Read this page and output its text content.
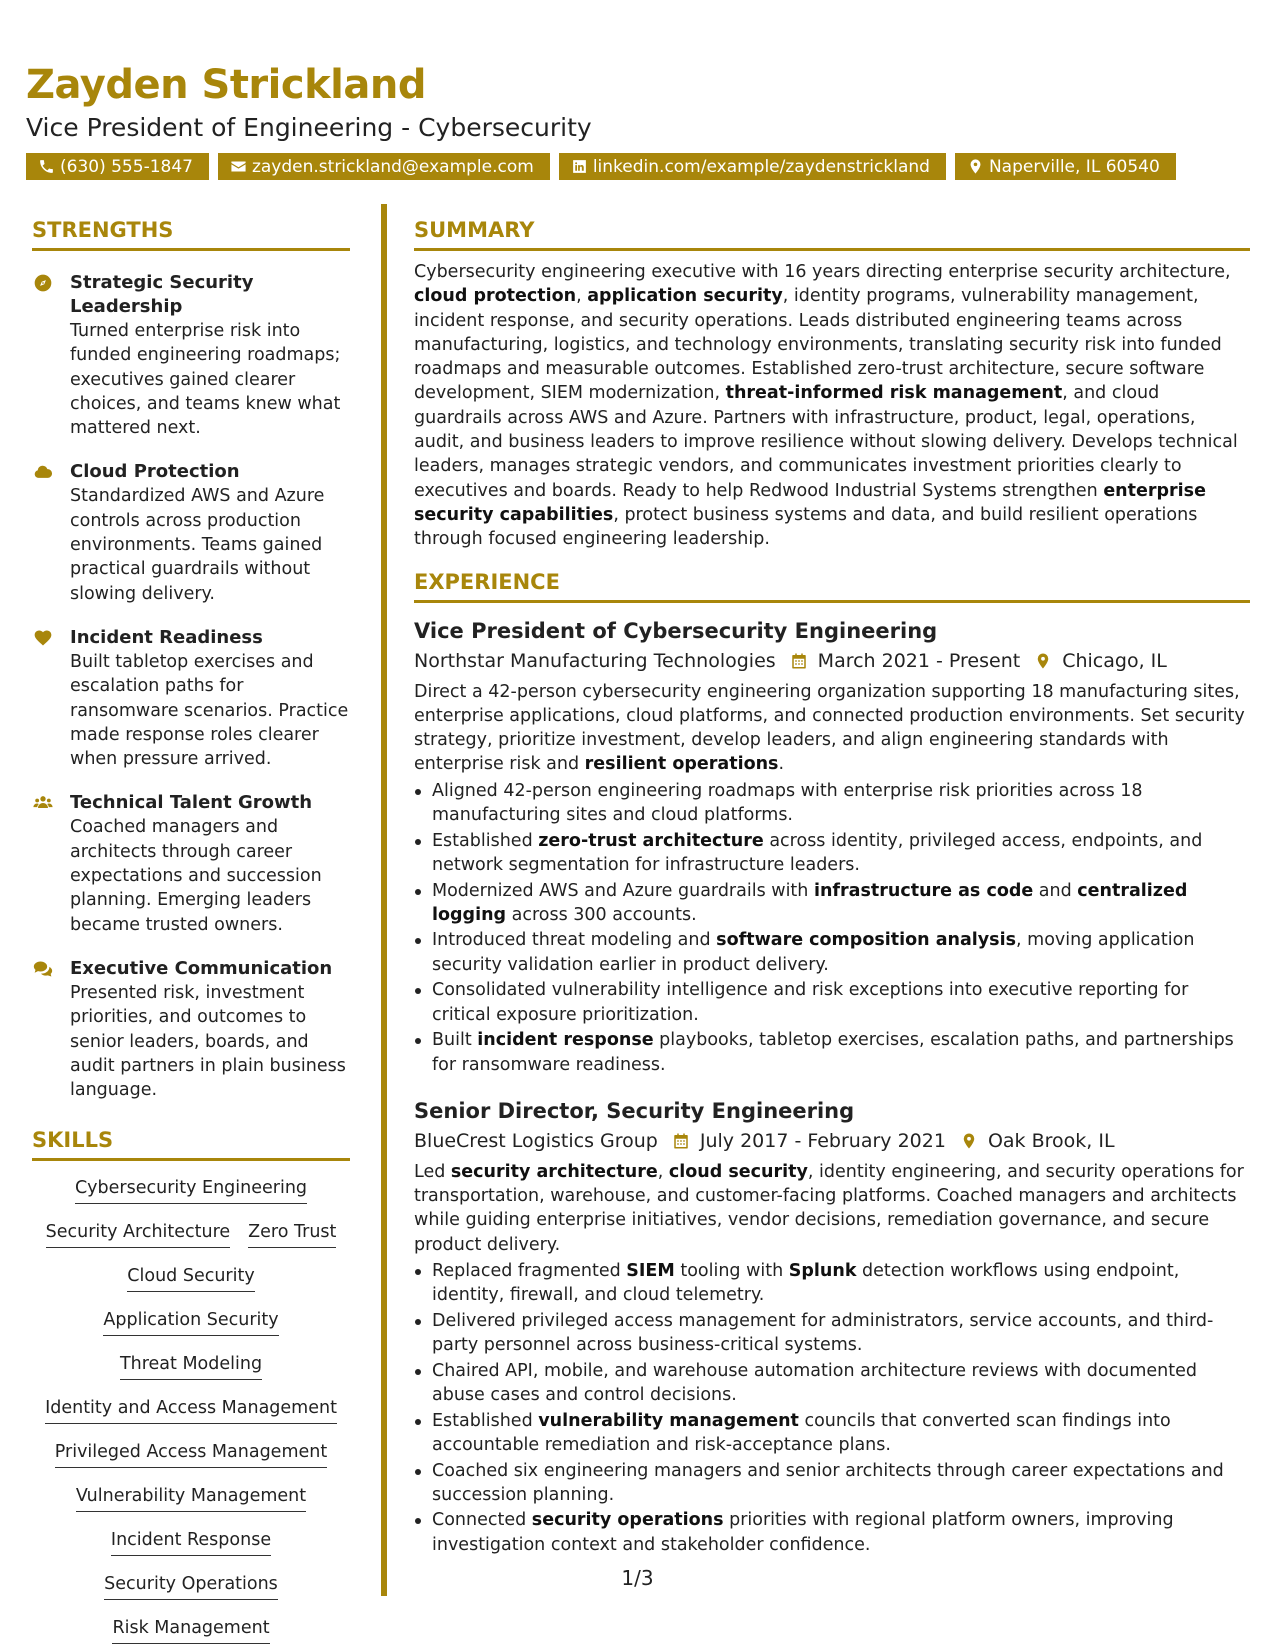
Zayden Strickland
Vice President of Engineering - Cybersecurity
(630) 555-1847	zayden.strickland@example.com	linkedin.com/example/zaydenstrickland	Naperville, IL 60540
STRENGTHS
Strategic Security Leadership
Turned enterprise risk into funded engineering roadmaps; executives gained clearer choices, and teams knew what mattered next.
Cloud Protection
Standardized AWS and Azure controls across production environments. Teams gained practical guardrails without slowing delivery.
Incident Readiness
Built tabletop exercises and escalation paths for ransomware scenarios. Practice made response roles clearer when pressure arrived.
Technical Talent Growth
Coached managers and architects through career expectations and succession planning. Emerging leaders became trusted owners.
Executive Communication
Presented risk, investment priorities, and outcomes to senior leaders, boards, and audit partners in plain business language.
SKILLS
Cybersecurity Engineering
Security Architecture Zero Trust
Cloud Security
Application Security
Threat Modeling
Identity and Access Management
Privileged Access Management
Vulnerability Management
Incident Response
Security Operations
Risk Management
SUMMARY
Cybersecurity engineering executive with 16 years directing enterprise security architecture, cloud protection, application security, identity programs, vulnerability management, incident response, and security operations. Leads distributed engineering teams across manufacturing, logistics, and technology environments, translating security risk into funded roadmaps and measurable outcomes. Established zero-trust architecture, secure software development, SIEM modernization, threat-informed risk management, and cloud guardrails across AWS and Azure. Partners with infrastructure, product, legal, operations, audit, and business leaders to improve resilience without slowing delivery. Develops technical leaders, manages strategic vendors, and communicates investment priorities clearly to executives and boards. Ready to help Redwood Industrial Systems strengthen enterprise security capabilities, protect business systems and data, and build resilient operations through focused engineering leadership.
EXPERIENCE
Vice President of Cybersecurity Engineering
Northstar Manufacturing Technologies March 2021 - Present Chicago, IL
Direct a 42-person cybersecurity engineering organization supporting 18 manufacturing sites, enterprise applications, cloud platforms, and connected production environments. Set security strategy, prioritize investment, develop leaders, and align engineering standards with enterprise risk and resilient operations.
Aligned 42-person engineering roadmaps with enterprise risk priorities across 18 manufacturing sites and cloud platforms.
Established zero-trust architecture across identity, privileged access, endpoints, and network segmentation for infrastructure leaders.
Modernized AWS and Azure guardrails with infrastructure as code and centralized logging across 300 accounts.
Introduced threat modeling and software composition analysis, moving application security validation earlier in product delivery.
Consolidated vulnerability intelligence and risk exceptions into executive reporting for critical exposure prioritization.
Built incident response playbooks, tabletop exercises, escalation paths, and partnerships for ransomware readiness.
Senior Director, Security Engineering
BlueCrest Logistics Group July 2017 - February 2021 Oak Brook, IL
Led security architecture, cloud security, identity engineering, and security operations for transportation, warehouse, and customer-facing platforms. Coached managers and architects while guiding enterprise initiatives, vendor decisions, remediation governance, and secure product delivery.
Replaced fragmented SIEM tooling with Splunk detection workflows using endpoint, identity, firewall, and cloud telemetry.
Delivered privileged access management for administrators, service accounts, and third-party personnel across business-critical systems.
Chaired API, mobile, and warehouse automation architecture reviews with documented abuse cases and control decisions.
Established vulnerability management councils that converted scan findings into accountable remediation and risk-acceptance plans.
Coached six engineering managers and senior architects through career expectations and succession planning.
Connected security operations priorities with regional platform owners, improving investigation context and stakeholder confidence.
1/3
